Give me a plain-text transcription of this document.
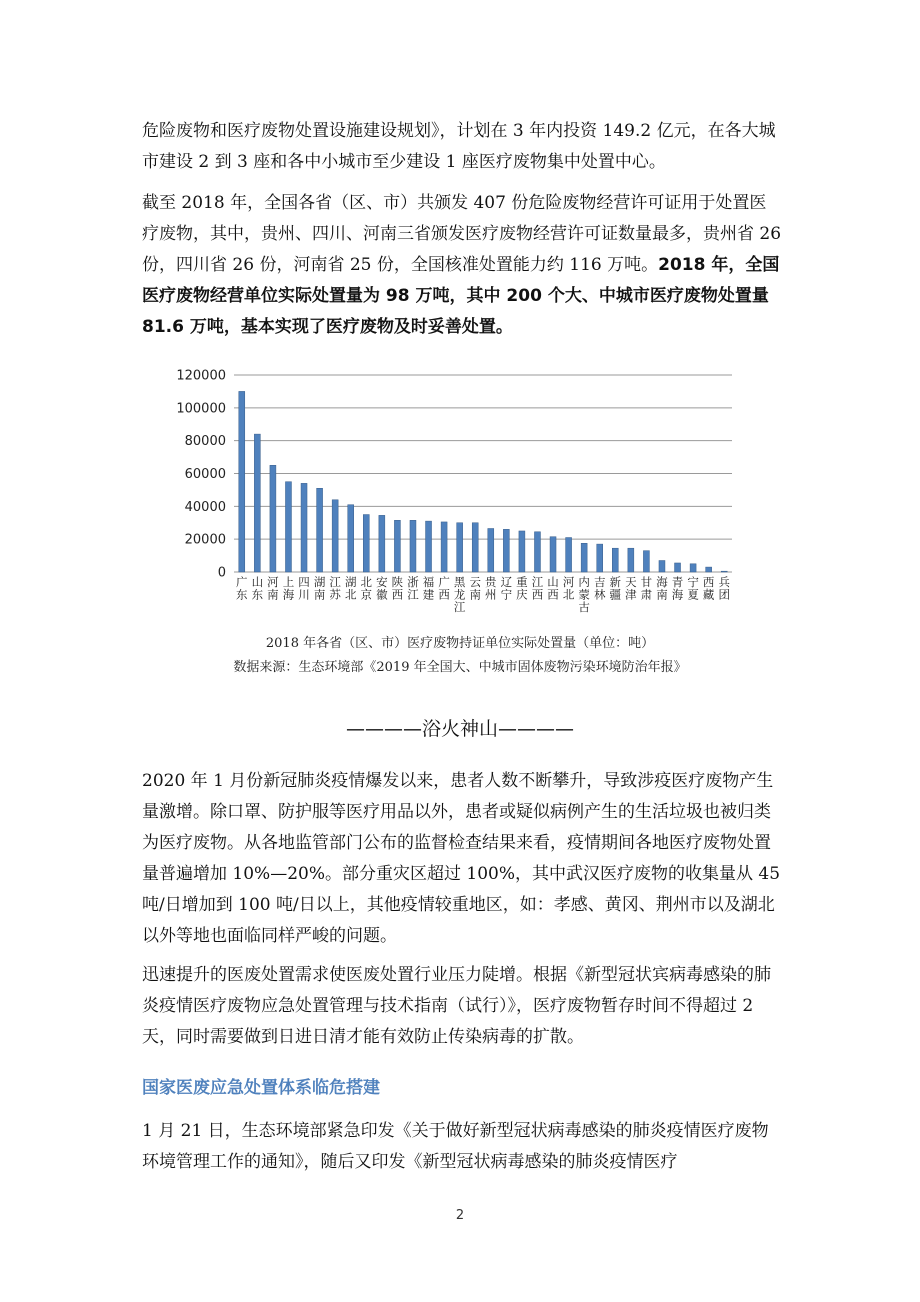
危险废物和医疗废物处置设施建设规划》，计划在 3 年内投资 149.2 亿元，在各大城市建设 2 到 3 座和各中小城市至少建设 1 座医疗废物集中处置中心。

截至 2018 年，全国各省（区、市）共颁发 407 份危险废物经营许可证用于处置医疗废物，其中，贵州、四川、河南三省颁发医疗废物经营许可证数量最多，贵州省 26 份，四川省 26 份，河南省 25 份，全国核准处置能力约 116 万吨。2018 年，全国医疗废物经营单位实际处置量为 98 万吨，其中 200 个大、中城市医疗废物处置量 81.6 万吨，基本实现了医疗废物及时妥善处置。
0
20000
40000
60000
80000
100000
120000
广东
山东
河南
上海
四川
湖南
江苏
湖北
北京
安徽
陕西
浙江
福建
广西
黑龙江
云南
贵州
辽宁
重庆
江西
山西
河北
内蒙古
吉林
新疆
天津
甘肃
海南
青海
宁夏
西藏
兵团
2018 年各省（区、市）医疗废物持证单位实际处置量（单位：吨）
数据来源：生态环境部《2019 年全国大、中城市固体废物污染环境防治年报》
————浴火神山————

2020 年 1 月份新冠肺炎疫情爆发以来，患者人数不断攀升，导致涉疫医疗废物产生量激增。除口罩、防护服等医疗用品以外，患者或疑似病例产生的生活垃圾也被归类为医疗废物。从各地监管部门公布的监督检查结果来看，疫情期间各地医疗废物处置量普遍增加 10%—20%。部分重灾区超过 100%，其中武汉医疗废物的收集量从 45 吨/日增加到 100 吨/日以上，其他疫情较重地区，如：孝感、黄冈、荆州市以及湖北以外等地也面临同样严峻的问题。

迅速提升的医废处置需求使医废处置行业压力陡增。根据《新型冠状宾病毒感染的肺炎疫情医疗废物应急处置管理与技术指南（试行）》，医疗废物暂存时间不得超过 2 天，同时需要做到日进日清才能有效防止传染病毒的扩散。

国家医废应急处置体系临危搭建

1 月 21 日，生态环境部紧急印发《关于做好新型冠状病毒感染的肺炎疫情医疗废物环境管理工作的通知》，随后又印发《新型冠状病毒感染的肺炎疫情医疗

2
